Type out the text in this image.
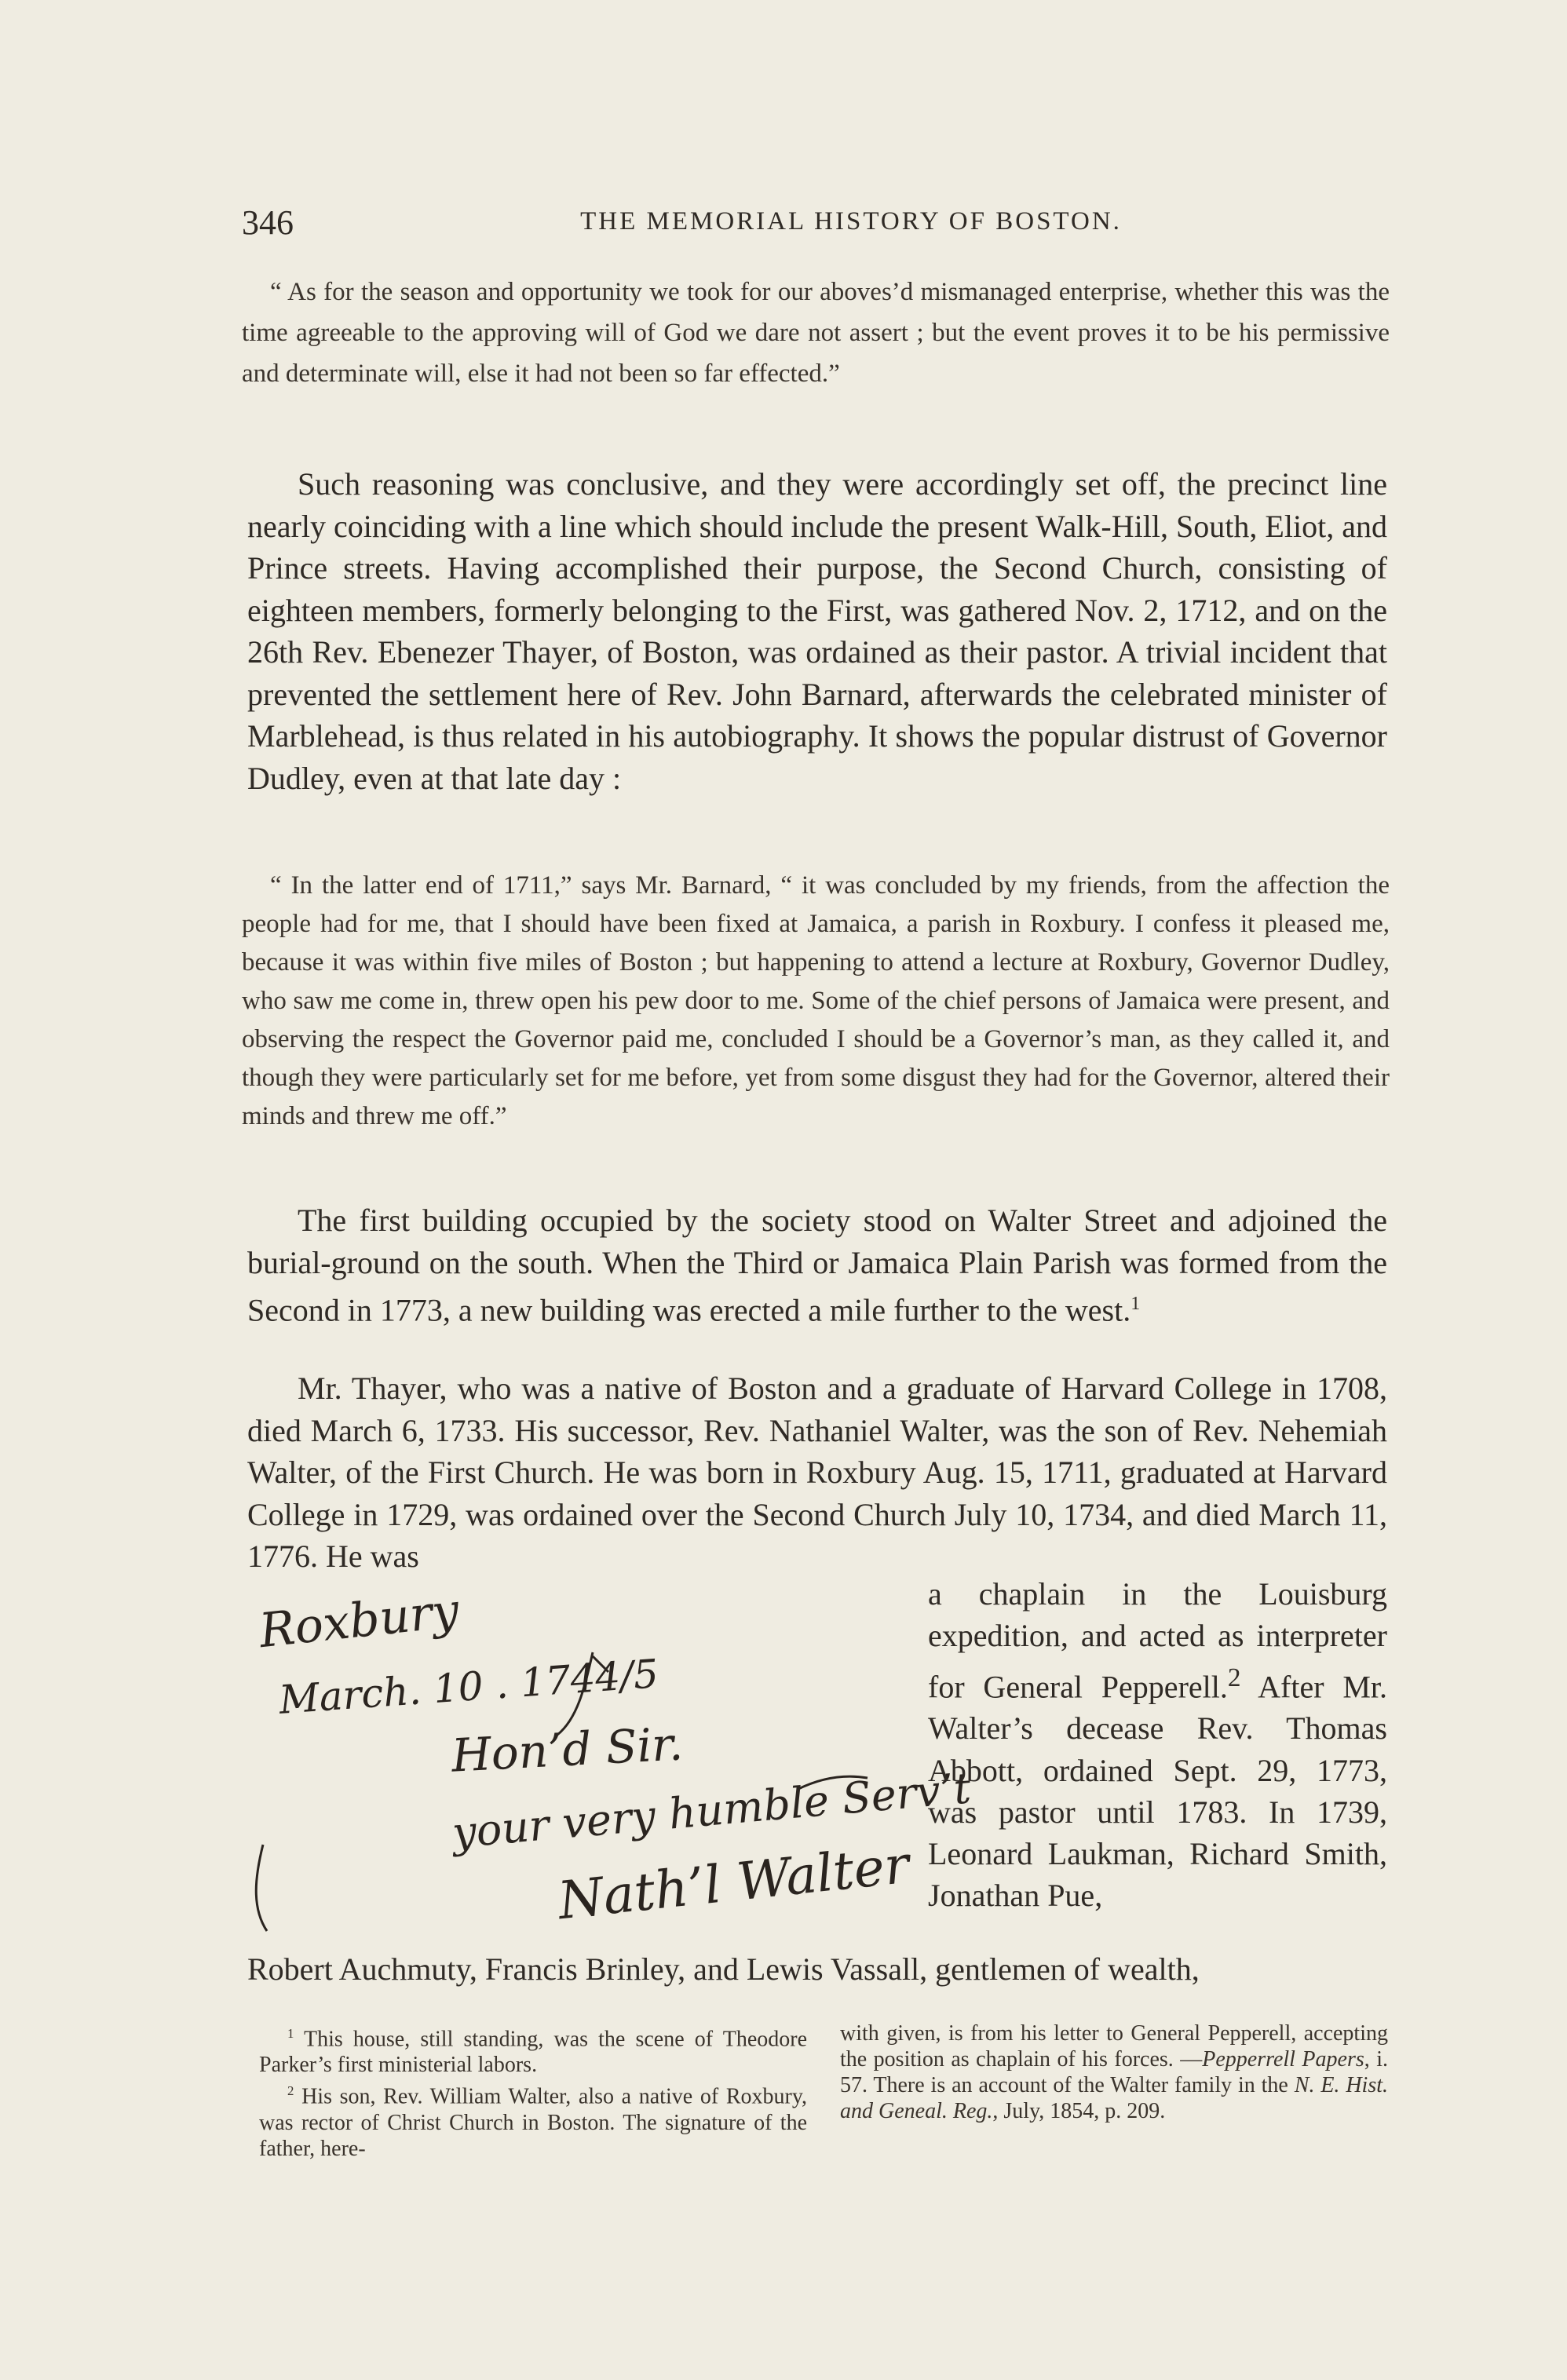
346	THE MEMORIAL HISTORY OF BOSTON.
“ As for the season and opportunity we took for our aboves’d mismanaged enterprise, whether this was the time agreeable to the approving will of God we dare not assert ; but the event proves it to be his permissive and determinate will, else it had not been so far effected.”
Such reasoning was conclusive, and they were accordingly set off, the precinct line nearly coinciding with a line which should include the present Walk-Hill, South, Eliot, and Prince streets. Having accomplished their purpose, the Second Church, consisting of eighteen members, formerly belonging to the First, was gathered Nov. 2, 1712, and on the 26th Rev. Ebenezer Thayer, of Boston, was ordained as their pastor. A trivial incident that prevented the settlement here of Rev. John Barnard, afterwards the celebrated minister of Marblehead, is thus related in his autobiography. It shows the popular distrust of Governor Dudley, even at that late day :
“ In the latter end of 1711,” says Mr. Barnard, “ it was concluded by my friends, from the affection the people had for me, that I should have been fixed at Jamaica, a parish in Roxbury. I confess it pleased me, because it was within five miles of Boston ; but happening to attend a lecture at Roxbury, Governor Dudley, who saw me come in, threw open his pew door to me. Some of the chief persons of Jamaica were present, and observing the respect the Governor paid me, concluded I should be a Governor’s man, as they called it, and though they were particularly set for me before, yet from some disgust they had for the Governor, altered their minds and threw me off.”
The first building occupied by the society stood on Walter Street and adjoined the burial-ground on the south. When the Third or Jamaica Plain Parish was formed from the Second in 1773, a new building was erected a mile further to the west.$^1$
Mr. Thayer, who was a native of Boston and a graduate of Harvard College in 1708, died March 6, 1733. His successor, Rev. Nathaniel Walter, was the son of Rev. Nehemiah Walter, of the First Church. He was born in Roxbury Aug. 15, 1711, graduated at Harvard College in 1729, was ordained over the Second Church July 10, 1734, and died March 11, 1776. He was
Roxbury
March. 10 . 1744/5
Hon’d Sir.
your very humble Serv’t
Nath’l Walter
a chaplain in the Louisburg expedition, and acted as interpreter for General Pepperell.$^2$ After Mr. Walter’s decease Rev. Thomas Abbott, ordained Sept. 29, 1773, was pastor until 1783. In 1739, Leonard Laukman, Richard Smith, Jonathan Pue,
Robert Auchmuty, Francis Brinley, and Lewis Vassall, gentlemen of wealth,

$^1$ This house, still standing, was the scene of Theodore Parker’s first ministerial labors.

$^2$ His son, Rev. William Walter, also a native of Roxbury, was rector of Christ Church in Boston. The signature of the father, here-

with given, is from his letter to General Pepperell, accepting the position as chaplain of his forces. —Pepperrell Papers, i. 57. There is an account of the Walter family in the N. E. Hist. and Geneal. Reg., July, 1854, p. 209.
